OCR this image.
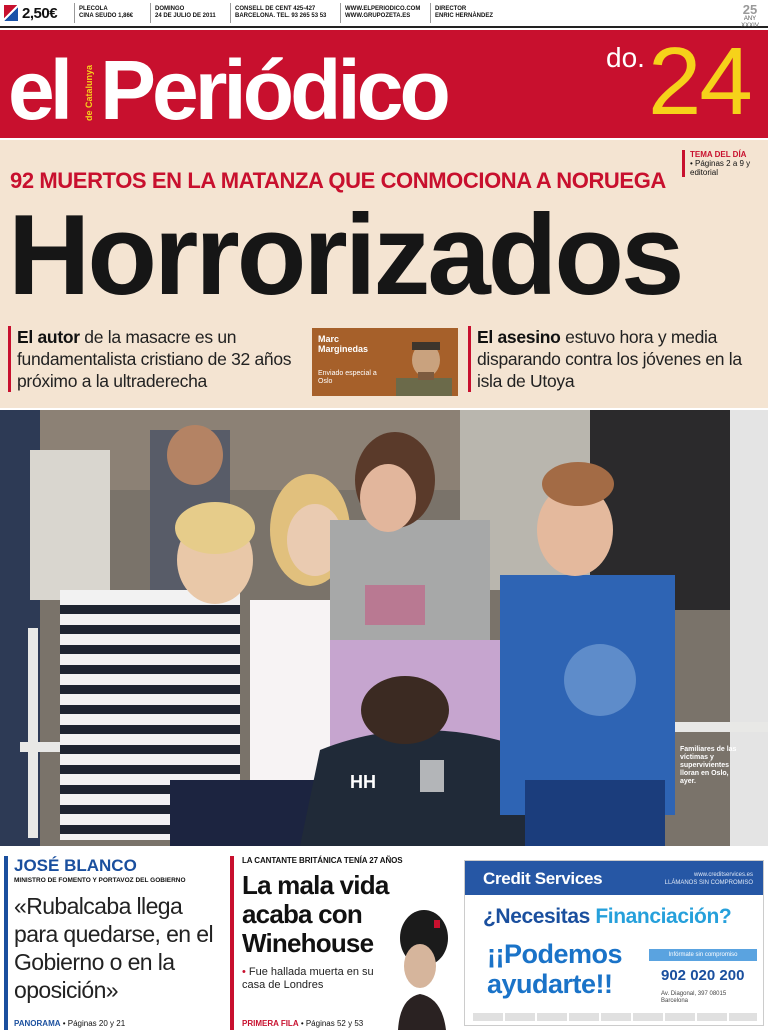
2,50€	PLECOLA
CINA SEUDO 1,86€
DOMINGO
24 DE JULIO DE 2011
CONSELL DE CENT 425-427
BARCELONA. TEL. 93 265 53 53
WWW.ELPERIODICO.COM
WWW.GRUPOZETA.ES
DIRECTOR
ENRIC HERNÀNDEZ	25
ANY XXXIV
el de Catalunya Periódico	do. 24
92 MUERTOS EN LA MATANZA QUE CONMOCIONA A NORUEGA
TEMA DEL DÍA
• Páginas 2 a 9 y editorial
Horrorizados
El autor de la masacre es un fundamentalista cristiano de 32 años próximo a la ultraderecha
Marc Marginedas
Enviado especial a Oslo
El asesino estuvo hora y media disparando contra los jóvenes en la isla de Utoya
HH
Familiares de las víctimas y supervivientes lloran en Oslo, ayer.
JOSÉ BLANCO
MINISTRO DE FOMENTO Y PORTAVOZ DEL GOBIERNO
«Rubalcaba llega para quedarse, en el Gobierno o en la oposición»
PANORAMA • Páginas 20 y 21
LA CANTANTE BRITÁNICA TENÍA 27 AÑOS
La mala vida acaba con Winehouse
• Fue hallada muerta en su casa de Londres
PRIMERA FILA • Páginas 52 y 53
Credit Services	www.creditservices.es
LLÁMANOS SIN COMPROMISO
¿Necesitas Financiación?
¡¡Podemos
ayudarte!!
Infórmate sin compromiso
902 020 200
Av. Diagonal, 397 08015 Barcelona
